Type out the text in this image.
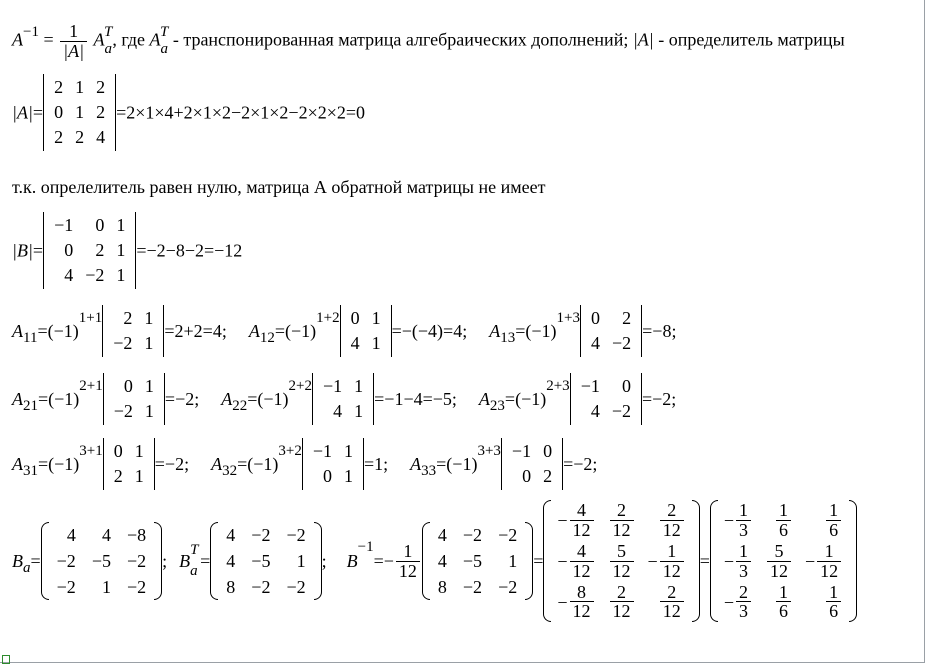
$A^{-1} = \frac{1}{|A|} A_a^T$, где $A_a^T$ - транспонированная матрица алгебраических дополнений; |A| - определитель матрицы
|A|=
2	1	2
0	1	2
2	2	4
=2×1×4+2×1×2−2×1×2−2×2×2=0
т.к. опрелелитель равен нулю, матрица А обратной матрицы не имеет
|B|=
−1	0	1
0	2	1
4	−2	1
=−2−8−2=−12
$A_{11}=(-1)^{1+1}$ 2	1
−2	1
=2+2=4; $A_{12}=(-1)^{1+2}$ 0	1
4	1
=−(−4)=4; $A_{13}=(-1)^{1+3}$ 0	2
4	−2
=−8;
$A_{21}=(-1)^{2+1}$ 0	1
−2	1
=−2; $A_{22}=(-1)^{2+2} -1$	1
4	1
=−1−4=−5; $A_{23}=(-1)^{2+3} -1$	0
4	−2
=−2;
$A_{31}=(-1)^{3+1}$ 0	1
2	1
=−2; $A_{32}=(-1)^{3+2} -1$	1
0	1
=1; $A_{33}=(-1)^{3+3} -1$	0
0	2
=−2;
$B_a=$
4	4	−8
−2	−5	−2
−2	1	−2
; B
T
a =
4	−2	−2
4	−5	1
8	−2	−2
; $B^{-1}=- \frac{1}{12}$
4	−2	−2
4	−5	1
8	−2	−2
=
− $\frac{4}{12}$	$\frac{2}{12}$	$\frac{2}{12}$

− $\frac{4}{12}$	$\frac{5}{12}$	− $\frac{1}{12}$

− $\frac{8}{12}$	$\frac{2}{12}$	$\frac{2}{12}$
=
− $\frac{1}{3}$	$\frac{1}{6}$	$\frac{1}{6}$

− $\frac{1}{3}$	$\frac{5}{12}$	− $\frac{1}{12}$

− $\frac{2}{3}$	$\frac{1}{6}$	$\frac{1}{6}$
